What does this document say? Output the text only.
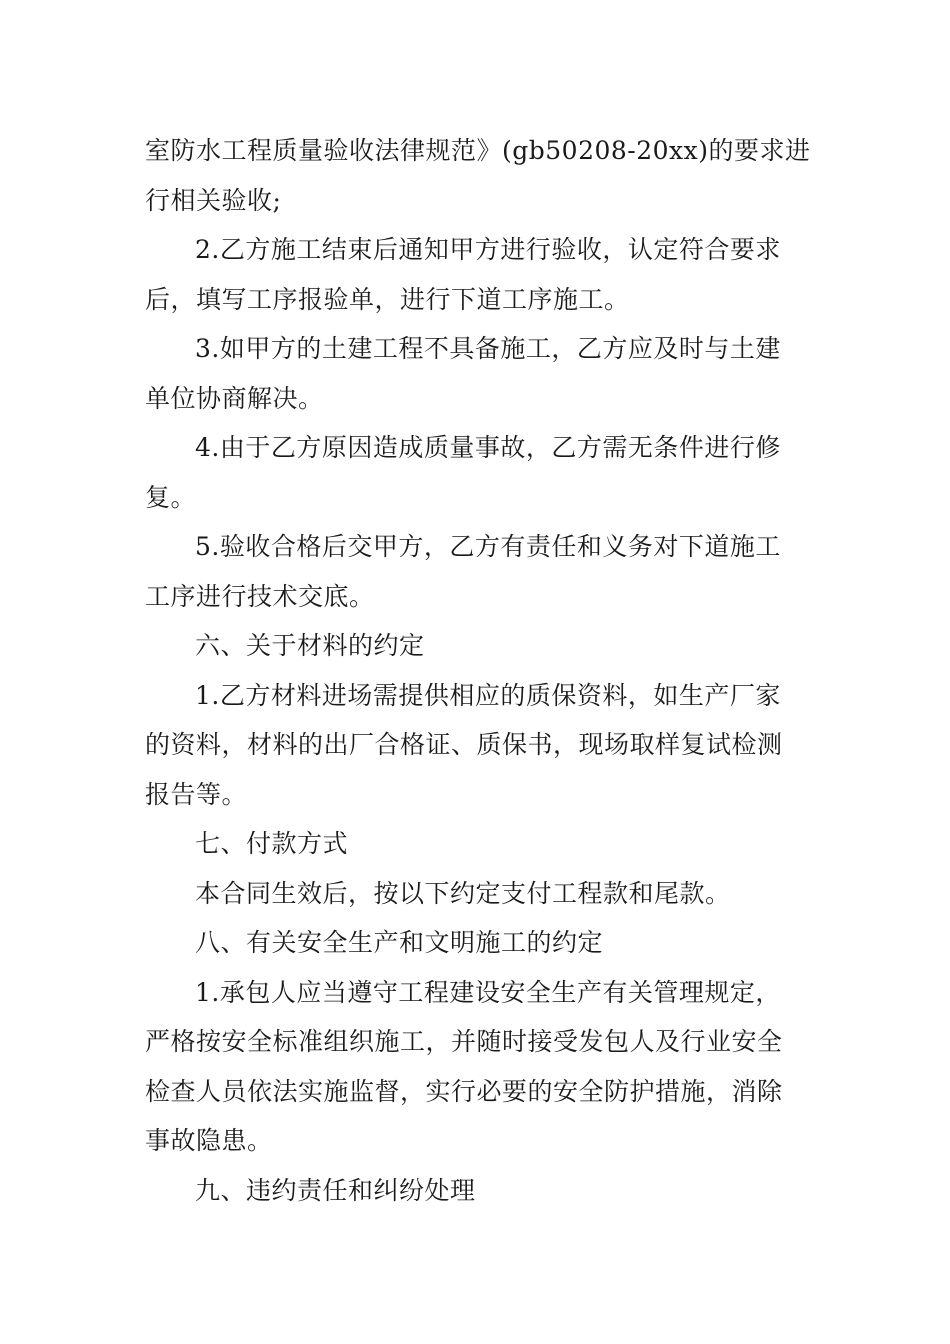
室防水工程质量验收法律规范》(gb50208-20xx)的要求进
行相关验收;

2.乙方施工结束后通知甲方进行验收，认定符合要求
后，填写工序报验单，进行下道工序施工。

3.如甲方的土建工程不具备施工，乙方应及时与土建
单位协商解决。

4.由于乙方原因造成质量事故，乙方需无条件进行修
复。

5.验收合格后交甲方，乙方有责任和义务对下道施工
工序进行技术交底。

六、关于材料的约定

1.乙方材料进场需提供相应的质保资料，如生产厂家
的资料，材料的出厂合格证、质保书，现场取样复试检测
报告等。

七、付款方式

本合同生效后，按以下约定支付工程款和尾款。

八、有关安全生产和文明施工的约定

1.承包人应当遵守工程建设安全生产有关管理规定，
严格按安全标准组织施工，并随时接受发包人及行业安全
检查人员依法实施监督，实行必要的安全防护措施，消除
事故隐患。

九、违约责任和纠纷处理
